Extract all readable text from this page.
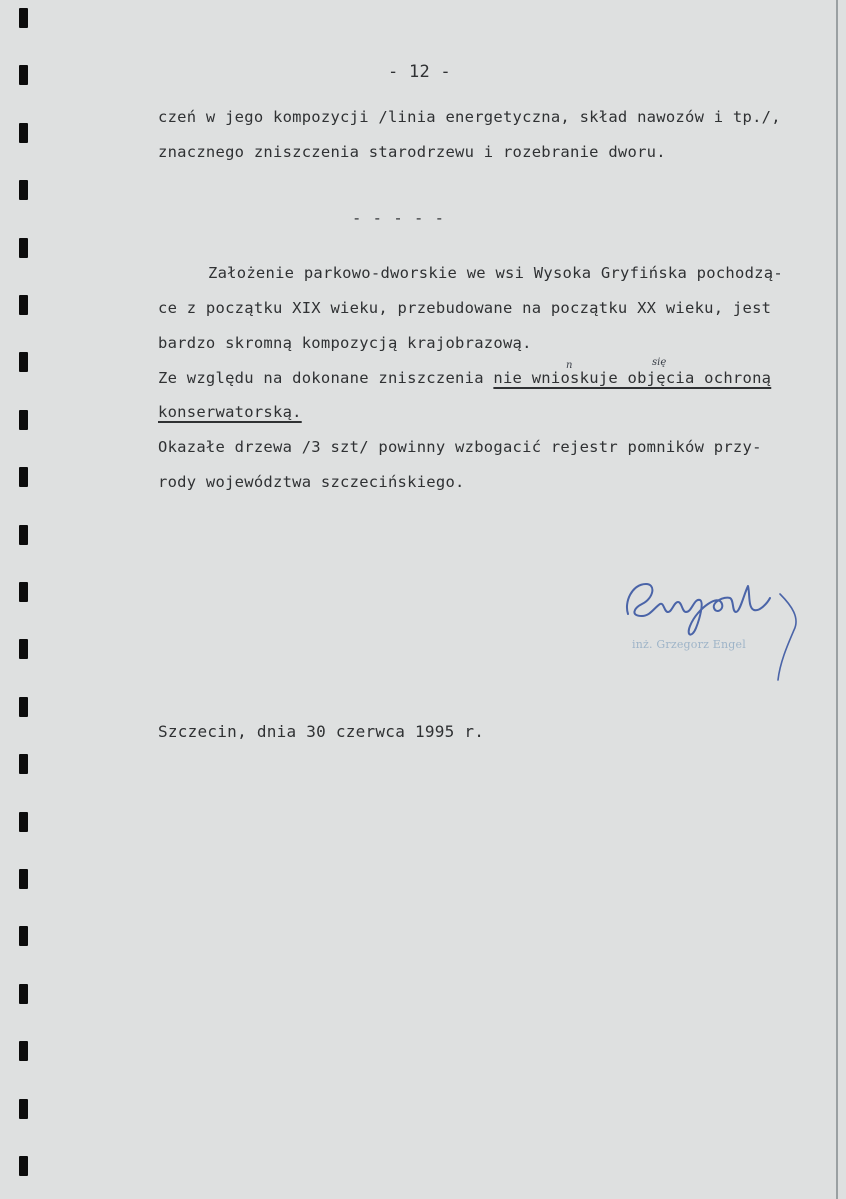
- 12 -
czeń w jego kompozycji /linia energetyczna, skład nawozów i tp./,
znacznego zniszczenia starodrzewu i rozebranie dworu.
- - - - -
Założenie parkowo-dworskie we wsi Wysoka Gryfińska pochodzą-
ce z początku XIX wieku, przebudowane na początku XX wieku, jest
bardzo skromną kompozycją krajobrazową.
Ze względu na dokonane zniszczenia nie wnioskuje objęcia ochroną
n	się
konserwatorską.
Okazałe drzewa /3 szt/ powinny wzbogacić rejestr pomników przy-
rody województwa szczecińskiego.
inż. Grzegorz Engel
Szczecin, dnia 30 czerwca 1995 r.
